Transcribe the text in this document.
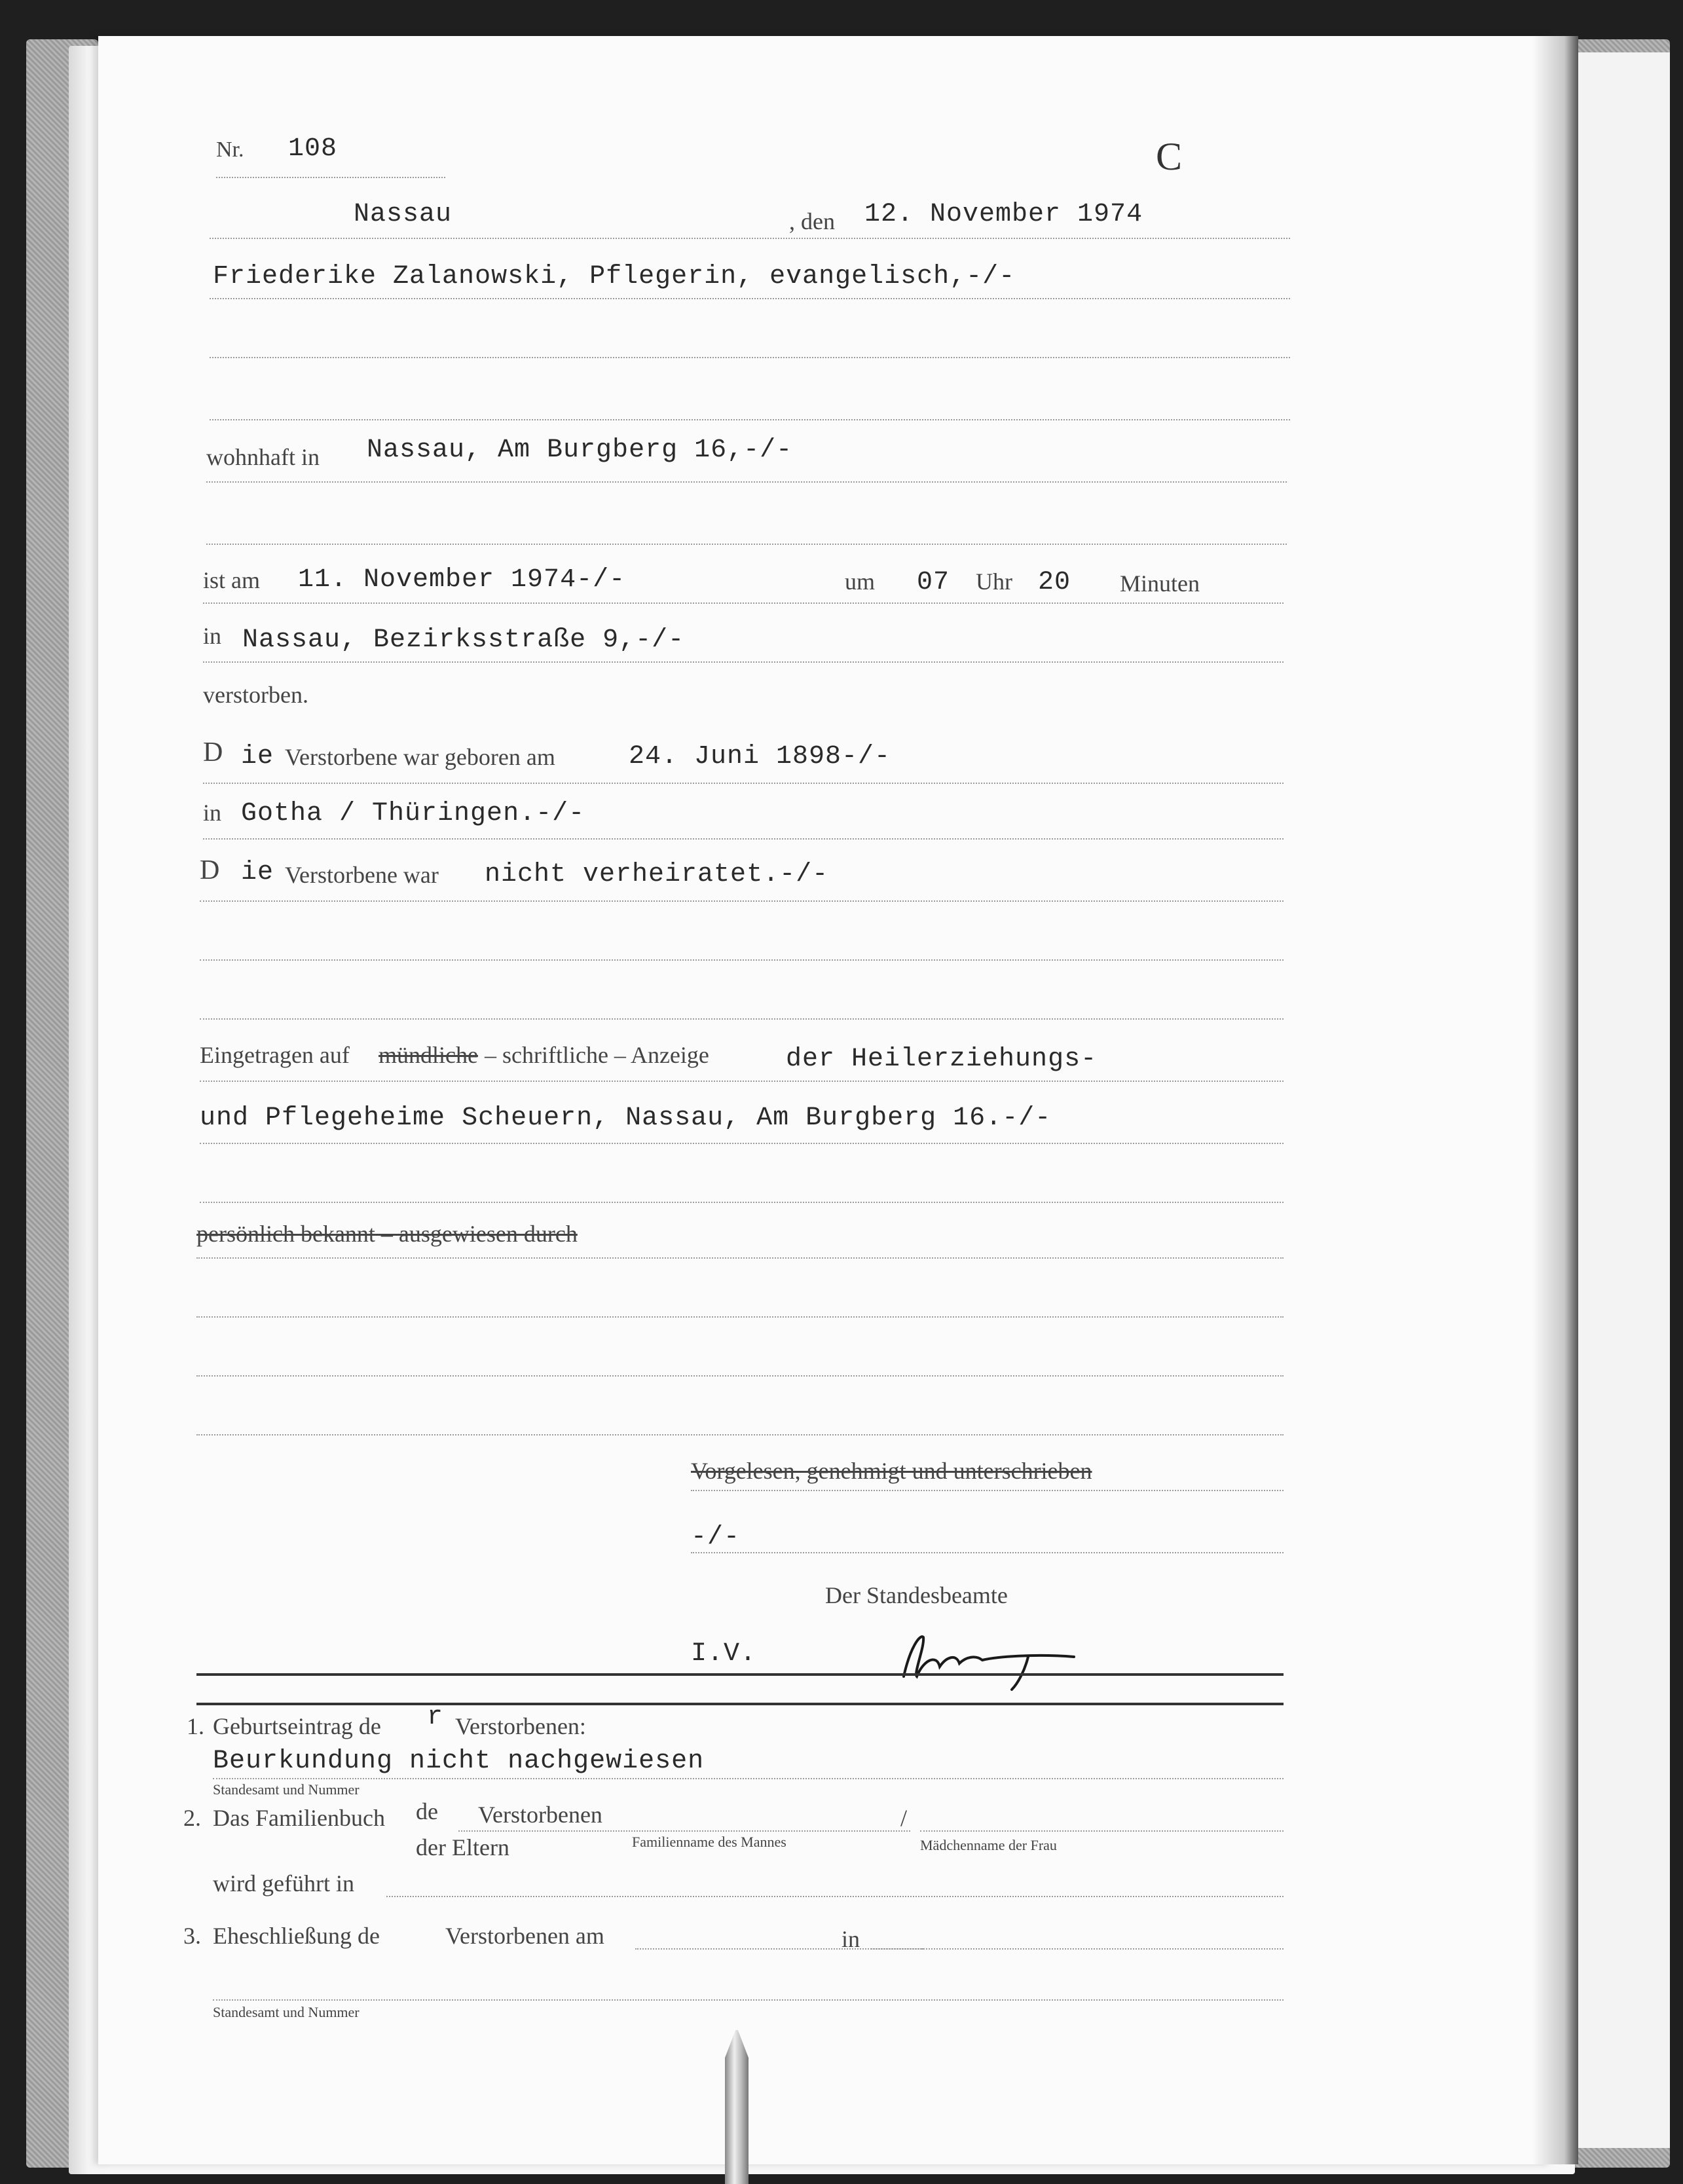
Nr. 108	C
Nassau	, den 12. November 1974
Friederike Zalanowski, Pflegerin, evangelisch,-/-
wohnhaft in Nassau, Am Burgberg 16,-/-
ist am 11. November 1974-/-	um 07 Uhr 20 Minuten
in Nassau, Bezirksstraße 9,-/-
verstorben.
D ie Verstorbene war geboren am	24. Juni 1898-/-
in Gotha / Thüringen.-/-
D ie Verstorbene war nicht verheiratet.-/-
Eingetragen auf mündliche – schriftliche – Anzeige	der Heilerziehungs-
und Pflegeheime Scheuern, Nassau, Am Burgberg 16.-/-
persönlich bekannt – ausgewiesen durch
Vorgelesen, genehmigt und unterschrieben
-/-
Der Standesbeamte
I.V.
1. Geburtseintrag de r Verstorbenen:
Beurkundung nicht nachgewiesen
Standesamt und Nummer
2. Das Familienbuch de Verstorbenen	/
der Eltern	Familienname des Mannes	Mädchenname der Frau
wird geführt in
3. Eheschließung de	Verstorbenen am	in
Standesamt und Nummer
